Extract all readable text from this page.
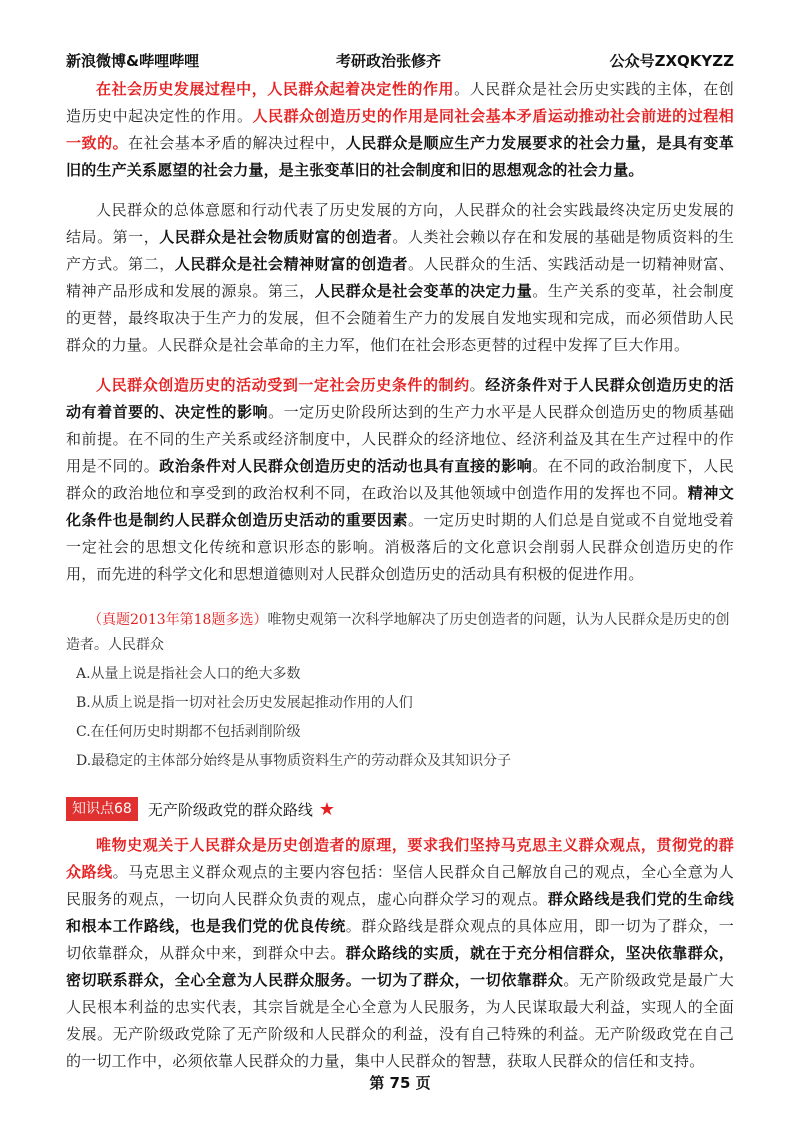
新浪微博&哔哩哔哩	考研政治张修齐	公众号ZXQKYZZ

在社会历史发展过程中，人民群众起着决定性的作用。人民群众是社会历史实践的主体，在创造历史中起决定性的作用。人民群众创造历史的作用是同社会基本矛盾运动推动社会前进的过程相一致的。在社会基本矛盾的解决过程中，人民群众是顺应生产力发展要求的社会力量，是具有变革旧的生产关系愿望的社会力量，是主张变革旧的社会制度和旧的思想观念的社会力量。

人民群众的总体意愿和行动代表了历史发展的方向，人民群众的社会实践最终决定历史发展的结局。第一，人民群众是社会物质财富的创造者。人类社会赖以存在和发展的基础是物质资料的生产方式。第二，人民群众是社会精神财富的创造者。人民群众的生活、实践活动是一切精神财富、精神产品形成和发展的源泉。第三，人民群众是社会变革的决定力量。生产关系的变革，社会制度的更替，最终取决于生产力的发展，但不会随着生产力的发展自发地实现和完成，而必须借助人民群众的力量。人民群众是社会革命的主力军，他们在社会形态更替的过程中发挥了巨大作用。

人民群众创造历史的活动受到一定社会历史条件的制约。经济条件对于人民群众创造历史的活动有着首要的、决定性的影响。一定历史阶段所达到的生产力水平是人民群众创造历史的物质基础和前提。在不同的生产关系或经济制度中，人民群众的经济地位、经济利益及其在生产过程中的作用是不同的。政治条件对人民群众创造历史的活动也具有直接的影响。在不同的政治制度下，人民群众的政治地位和享受到的政治权利不同，在政治以及其他领域中创造作用的发挥也不同。精神文化条件也是制约人民群众创造历史活动的重要因素。一定历史时期的人们总是自觉或不自觉地受着一定社会的思想文化传统和意识形态的影响。消极落后的文化意识会削弱人民群众创造历史的作用，而先进的科学文化和思想道德则对人民群众创造历史的活动具有积极的促进作用。

（真题2013年第18题多选）唯物史观第一次科学地解决了历史创造者的问题，认为人民群众是历史的创造者。人民群众

A.从量上说是指社会人口的绝大多数

B.从质上说是指一切对社会历史发展起推动作用的人们

C.在任何历史时期都不包括剥削阶级

D.最稳定的主体部分始终是从事物质资料生产的劳动群众及其知识分子

知识点68	无产阶级政党的群众路线 ★

唯物史观关于人民群众是历史创造者的原理，要求我们坚持马克思主义群众观点，贯彻党的群众路线。马克思主义群众观点的主要内容包括：坚信人民群众自己解放自己的观点，全心全意为人民服务的观点，一切向人民群众负责的观点，虚心向群众学习的观点。群众路线是我们党的生命线和根本工作路线，也是我们党的优良传统。群众路线是群众观点的具体应用，即一切为了群众，一切依靠群众，从群众中来，到群众中去。群众路线的实质，就在于充分相信群众，坚决依靠群众，密切联系群众，全心全意为人民群众服务。一切为了群众，一切依靠群众。无产阶级政党是最广大人民根本利益的忠实代表，其宗旨就是全心全意为人民服务，为人民谋取最大利益，实现人的全面发展。无产阶级政党除了无产阶级和人民群众的利益，没有自己特殊的利益。无产阶级政党在自己的一切工作中，必须依靠人民群众的力量，集中人民群众的智慧，获取人民群众的信任和支持。

第 75 页
